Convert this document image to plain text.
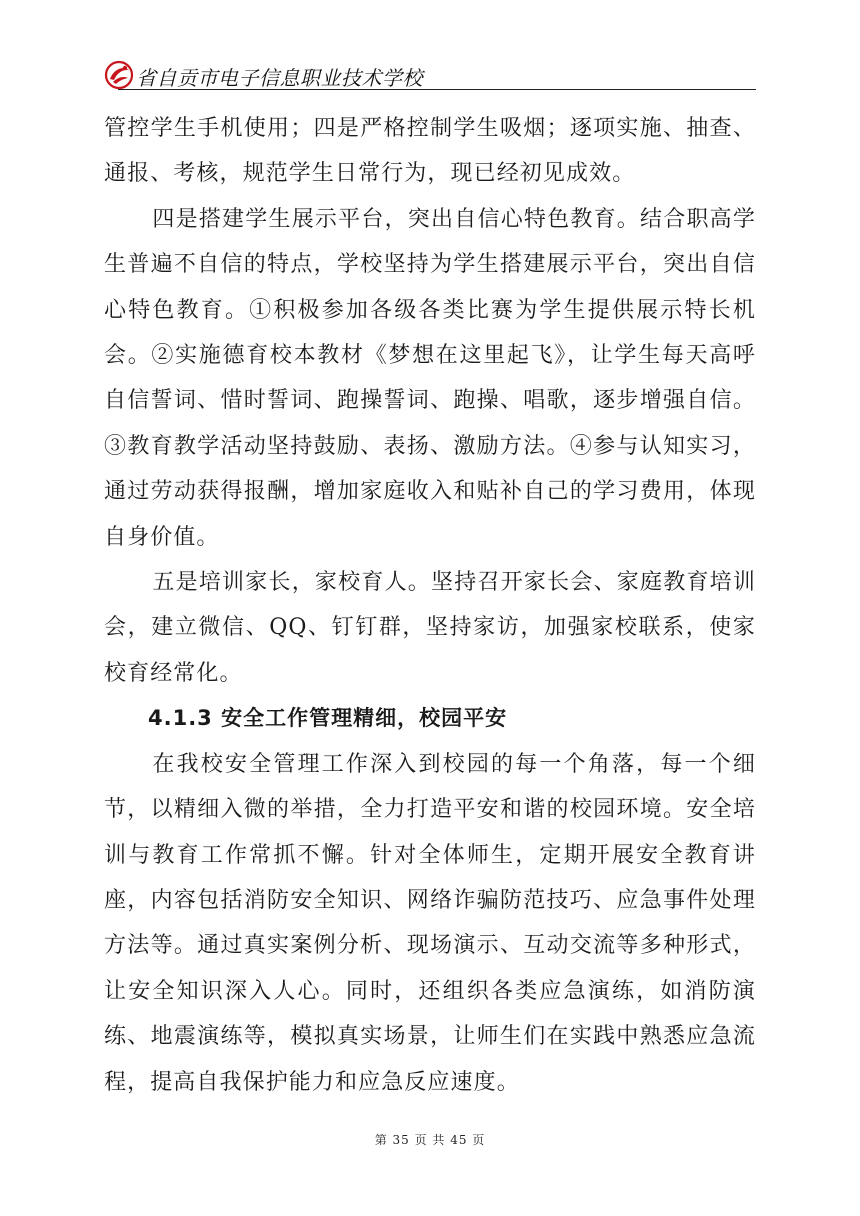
省自贡市电子信息职业技术学校

管控学生手机使用；四是严格控制学生吸烟；逐项实施、抽查、通报、考核，规范学生日常行为，现已经初见成效。

四是搭建学生展示平台，突出自信心特色教育。结合职高学生普遍不自信的特点，学校坚持为学生搭建展示平台，突出自信心特色教育。①积极参加各级各类比赛为学生提供展示特长机会。②实施德育校本教材《梦想在这里起飞》，让学生每天高呼自信誓词、惜时誓词、跑操誓词、跑操、唱歌，逐步增强自信。③教育教学活动坚持鼓励、表扬、激励方法。④参与认知实习，通过劳动获得报酬，增加家庭收入和贴补自己的学习费用，体现自身价值。

五是培训家长，家校育人。坚持召开家长会、家庭教育培训会，建立微信、QQ、钉钉群，坚持家访，加强家校联系，使家校育经常化。

4.1.3 安全工作管理精细，校园平安

在我校安全管理工作深入到校园的每一个角落，每一个细节，以精细入微的举措，全力打造平安和谐的校园环境。安全培训与教育工作常抓不懈。针对全体师生，定期开展安全教育讲座，内容包括消防安全知识、网络诈骗防范技巧、应急事件处理方法等。通过真实案例分析、现场演示、互动交流等多种形式，让安全知识深入人心。同时，还组织各类应急演练，如消防演练、地震演练等，模拟真实场景，让师生们在实践中熟悉应急流程，提高自我保护能力和应急反应速度。

第 35 页 共 45 页
